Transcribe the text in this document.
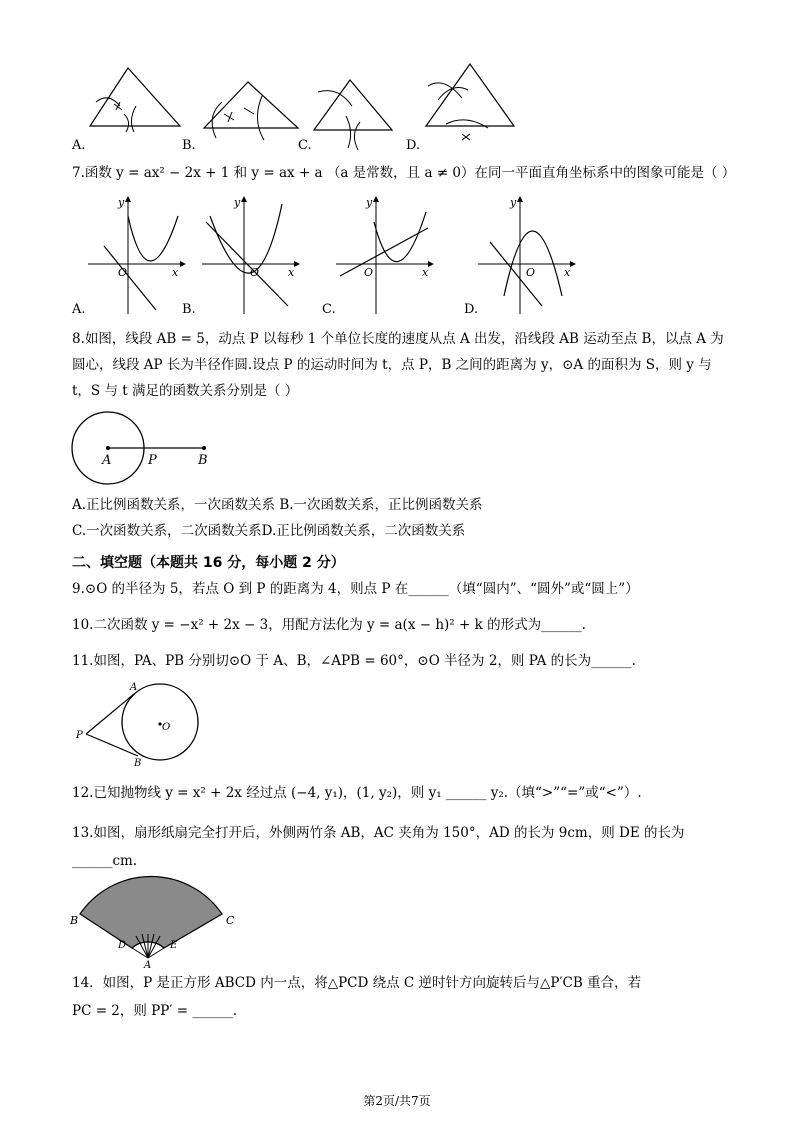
A.	B.	C.	D.
7.函数 y = ax² − 2x + 1 和 y = ax + a （a 是常数，且 a ≠ 0）在同一平面直角坐标系中的图象可能是（ ）
y
x
O
A.
y
x
O
B.
y
x
O
C.
y
x
O
D.
8.如图，线段 AB = 5，动点 P 以每秒 1 个单位长度的速度从点 A 出发，沿线段 AB 运动至点 B，以点 A 为
圆心，线段 AP 长为半径作圆.设点 P 的运动时间为 t，点 P，B 之间的距离为 y，⊙A 的面积为 S，则 y 与
t，S 与 t 满足的函数关系分别是（ ）
A	P	B
A.正比例函数关系，一次函数关系 B.一次函数关系，正比例函数关系
C.一次函数关系，二次函数关系D.正比例函数关系，二次函数关系
二、填空题（本题共 16 分，每小题 2 分）
9.⊙O 的半径为 5，若点 O 到 P 的距离为 4，则点 P 在______（填“圆内”、“圆外”或“圆上”）
10.二次函数 y = −x² + 2x − 3，用配方法化为 y = a(x − h)² + k 的形式为______.
11.如图，PA、PB 分别切⊙O 于 A、B，∠APB = 60°，⊙O 半径为 2，则 PA 的长为______.
A
B
P
O
12.已知抛物线 y = x² + 2x 经过点 (−4, y₁)，(1, y₂)，则 y₁ ______ y₂.（填“>”“=”或“<”）.
13.如图，扇形纸扇完全打开后，外侧两竹条 AB，AC 夹角为 150°，AD 的长为 9cm，则 DE 的长为
______cm.
B	C
D	E
A
14．如图，P 是正方形 ABCD 内一点，将△PCD 绕点 C 逆时针方向旋转后与△P′CB 重合，若
PC = 2，则 PP′ = ______.
第2页/共7页
